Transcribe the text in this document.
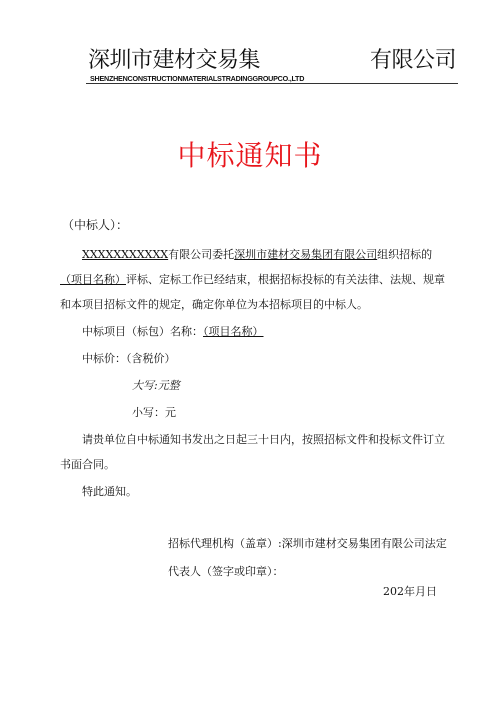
深圳市建材交易集	有限公司
SHENZHENCONSTRUCTIONMATERIALSTRADINGGROUPCO.,LTD
中标通知书
（中标人）：

XXXXXXXXXXX有限公司委托深圳市建材交易集团有限公司组织招标的（项目名称）评标、定标工作已经结束，根据招标投标的有关法律、法规、规章和本项目招标文件的规定，确定你单位为本招标项目的中标人。

中标项目（标包）名称：（项目名称）

中标价：（含税价）

大写:元整

小写：元

请贵单位自中标通知书发出之日起三十日内，按照招标文件和投标文件订立书面合同。

特此通知。

招标代理机构（盖章）:深圳市建材交易集团有限公司法定
代表人（签字或印章）：
202年月日
